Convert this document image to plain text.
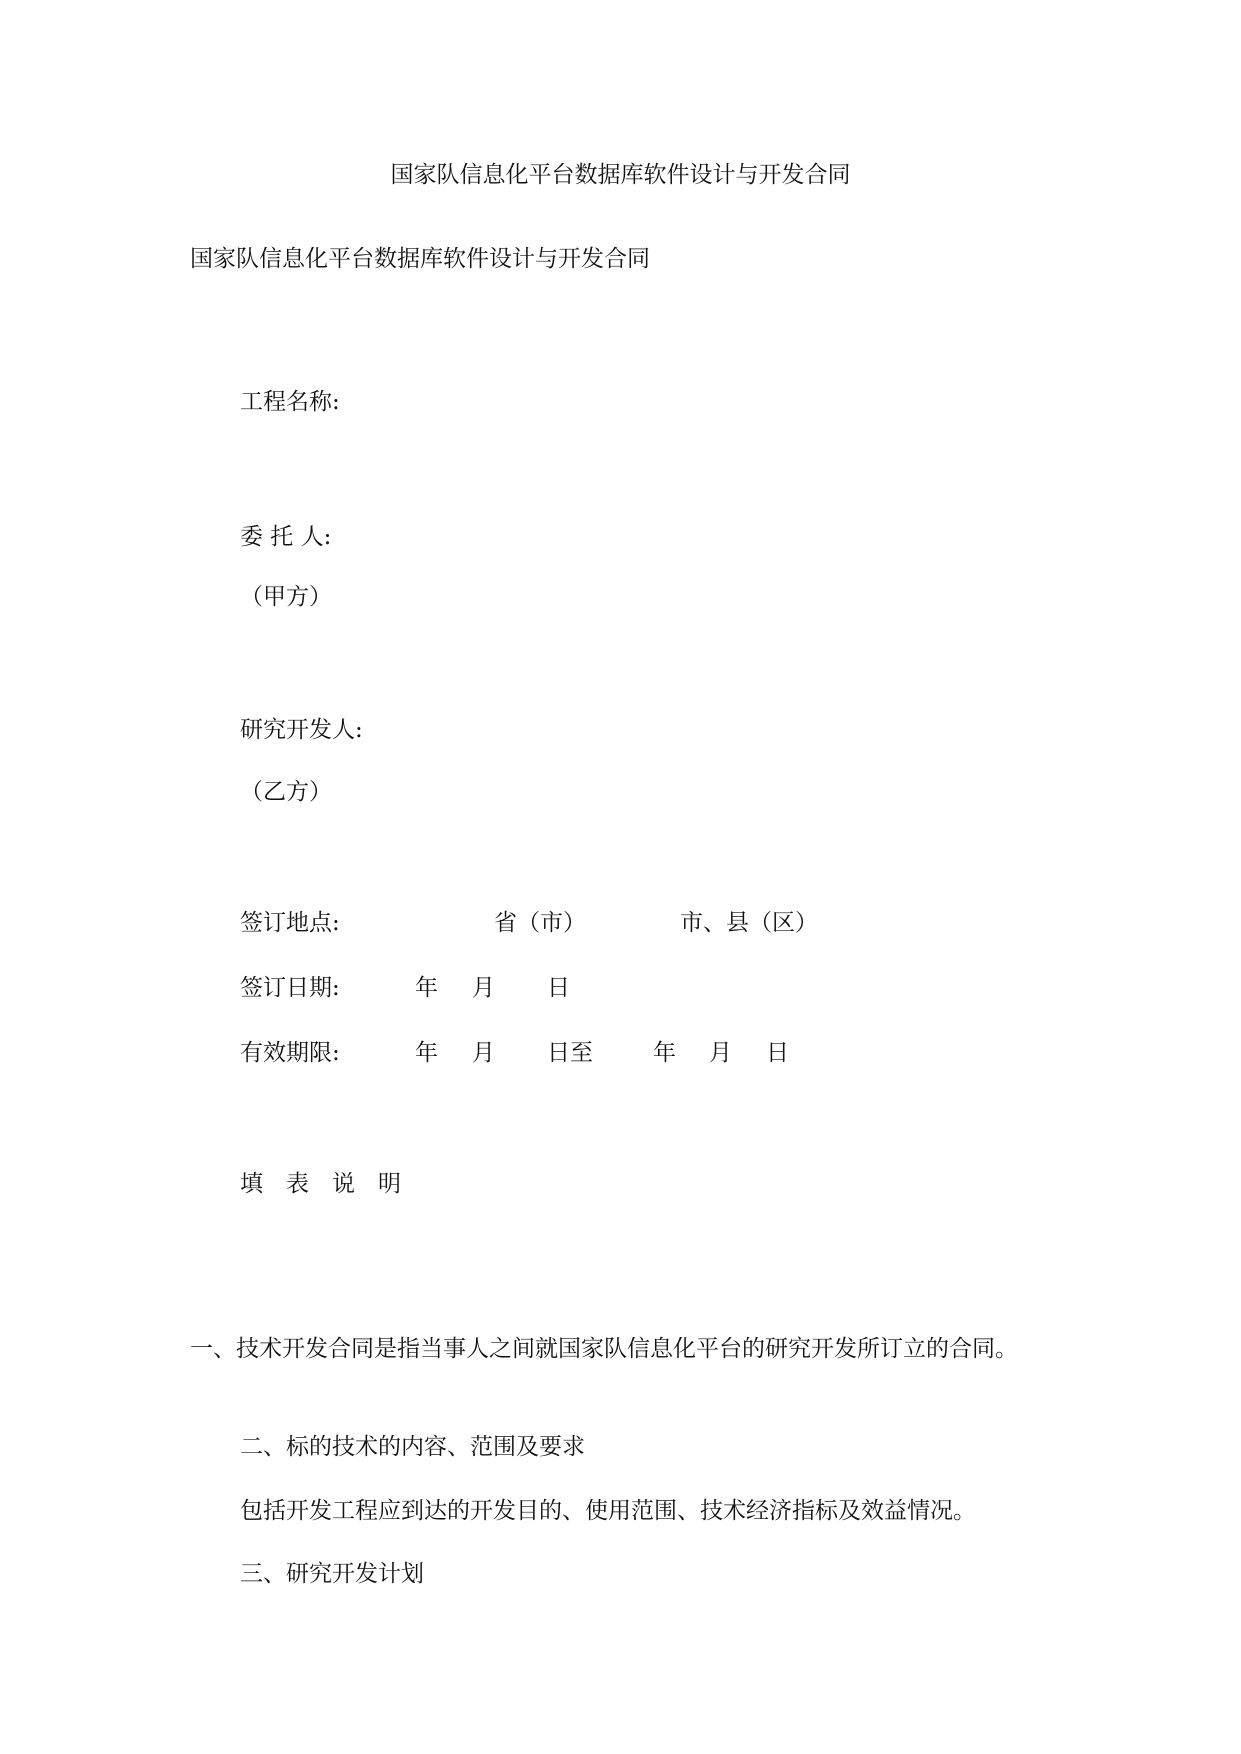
国家队信息化平台数据库软件设计与开发合同
国家队信息化平台数据库软件设计与开发合同
工程名称:
委 托 人:
（甲方）
研究开发人:
（乙方）
签订地点:	省（市）	市、县（区）
签订日期:	年 月 日
有效期限:	年 月 日至	年 月 日
填　表　说　明
一、技术开发合同是指当事人之间就国家队信息化平台的研究开发所订立的合同。
二、标的技术的内容、范围及要求
包括开发工程应到达的开发目的、使用范围、技术经济指标及效益情况。
三、研究开发计划
